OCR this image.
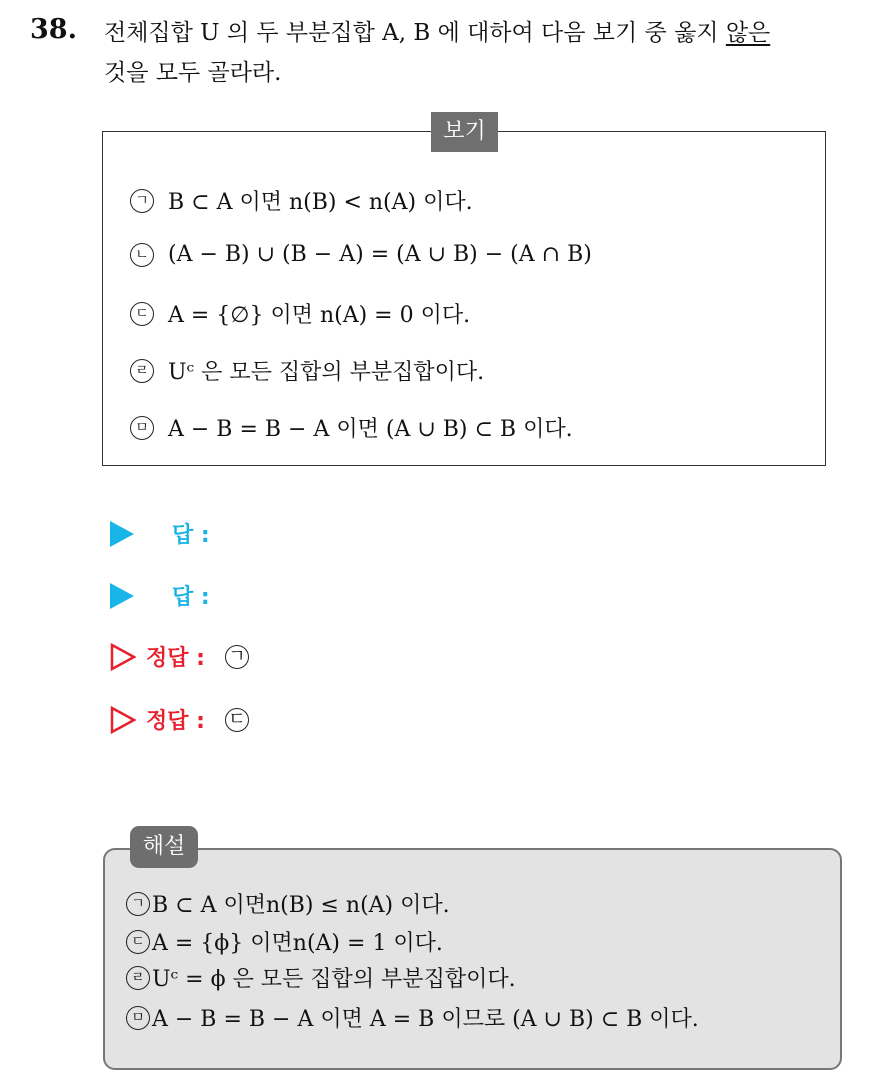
38. 전체집합 U 의 두 부분집합 A, B 에 대하여 다음 보기 중 옳지 않은
것을 모두 골라라.
보기
ㄱ B ⊂ A 이면 n(B) < n(A) 이다.
ㄴ (A − B) ∪ (B − A) = (A ∪ B) − (A ∩ B)
ㄷ A = {∅} 이면 n(A) = 0 이다.
ㄹ Uᶜ 은 모든 집합의 부분집합이다.
ㅁ A − B = B − A 이면 (A ∪ B) ⊂ B 이다.
답 :
답 :
정답 : ㄱ
정답 : ㄷ
해설
ㄱ B ⊂ A 이면n(B) ≤ n(A) 이다.
ㄷ A = {ϕ} 이면n(A) = 1 이다.
ㄹ Uᶜ = ϕ 은 모든 집합의 부분집합이다.
ㅁ A − B = B − A 이면 A = B 이므로 (A ∪ B) ⊂ B 이다.
